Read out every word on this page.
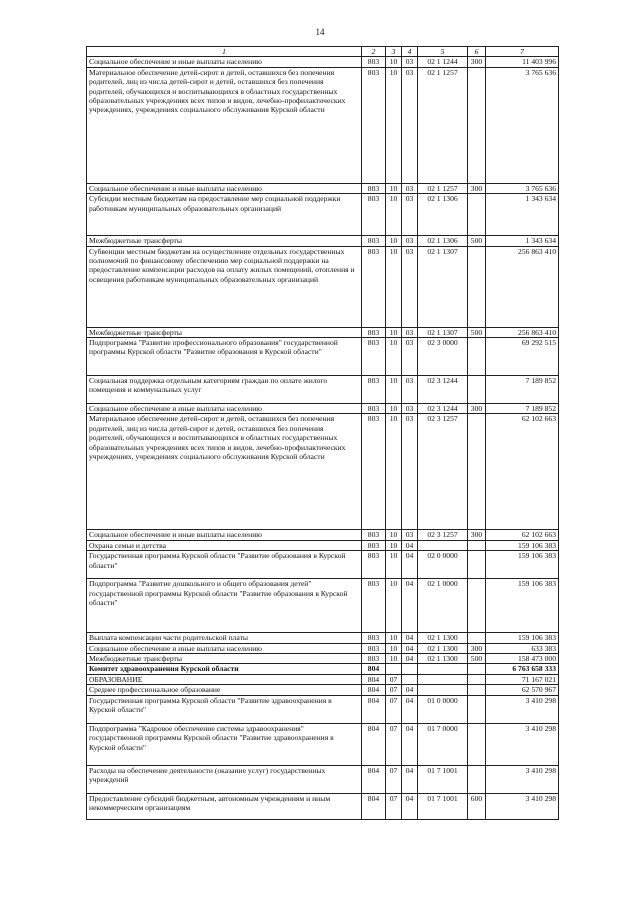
14
1	2	3	4	5	6	7
Социальное обеспечение и иные выплаты населению	803	10	03	02 1 1244	300	11 403 996
Материальное обеспечение детей-сирот и детей, оставшихся без попечения родителей, лиц из числа детей-сирот и детей, оставшихся без попечения родителей, обучающихся и воспитывающихся в областных государственных образовательных учреждениях всех типов и видов, лечебно-профилактических учреждениях, учреждениях социального обслуживания Курской области	803	10	03	02 1 1257		3 765 636
Социальное обеспечение и иные выплаты населению	803	10	03	02 1 1257	300	3 765 636
Субсидии местным бюджетам на предоставление мер социальной поддержки работникам муниципальных образовательных организаций	803	10	03	02 1 1306		1 343 634
Межбюджетные трансферты	803	10	03	02 1 1306	500	1 343 634
Субвенции местным бюджетам на осуществление отдельных государственных полномочий по финансовому обеспечению мер социальной поддержки на предоставление компенсации расходов на оплату жилых помещений, отопления и освещения работникам муниципальных образовательных организаций	803	10	03	02 1 1307		256 863 410
Межбюджетные трансферты	803	10	03	02 1 1307	500	256 863 410
Подпрограмма "Развитие профессионального образования" государственной программы Курской области "Развитие образования в Курской области"	803	10	03	02 3 0000		69 292 515
Социальная поддержка отдельным категориям граждан по оплате жилого помещения и коммунальных услуг	803	10	03	02 3 1244		7 189 852
Социальное обеспечение и иные выплаты населению	803	10	03	02 3 1244	300	7 189 852
Материальное обеспечение детей-сирот и детей, оставшихся без попечения родителей, лиц из числа детей-сирот и детей, оставшихся без попечения родителей, обучающихся и воспитывающихся в областных государственных образовательных учреждениях всех типов и видов, лечебно-профилактических учреждениях, учреждениях социального обслуживания Курской области	803	10	03	02 3 1257		62 102 663
Социальное обеспечение и иные выплаты населению	803	10	03	02 3 1257	300	62 102 663
Охрана семьи и детства	803	10	04			159 106 383
Государственная программа Курской области "Развитие образования в Курской области"	803	10	04	02 0 0000		159 106 383
Подпрограмма "Развитие дошкольного и общего образования детей" государственной программы Курской области "Развитие образования в Курской области"	803	10	04	02 1 0000		159 106 383
Выплата компенсации части родительской платы	803	10	04	02 1 1300		159 106 383
Социальное обеспечение и иные выплаты населению	803	10	04	02 1 1300	300	633 383
Межбюджетные трансферты	803	10	04	02 1 1300	500	158 473 000
Комитет здравоохранения Курской области	804					6 763 658 333
ОБРАЗОВАНИЕ	804	07				71 167 021
Среднее профессиональное образование	804	07	04			62 570 967
Государственная программа Курской области "Развитие здравоохранения в Курской области"	804	07	04	01 0 0000		3 410 298
Подпрограмма "Кадровое обеспечение системы здравоохранения" государственной программы Курской области "Развитие здравоохранения в Курской области"	804	07	04	01 7 0000		3 410 298
Расходы на обеспечение деятельности (оказание услуг) государственных учреждений	804	07	04	01 7 1001		3 410 298
Предоставление субсидий бюджетным, автономным учреждениям и иным некоммерческим организациям	804	07	04	01 7 1001	600	3 410 298
